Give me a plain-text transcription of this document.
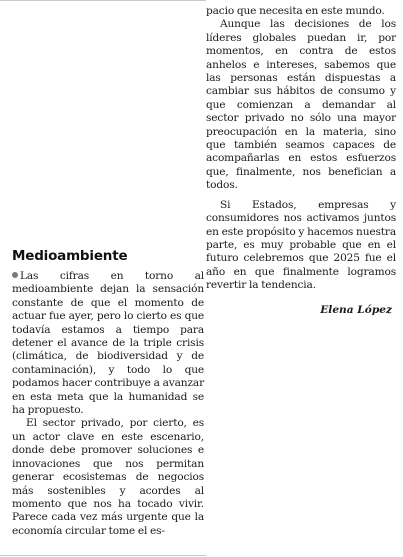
Medioambiente

Las cifras en torno al medioambiente dejan la sensación constante de que el momento de actuar fue ayer, pero lo cierto es que todavía estamos a tiempo para detener el avance de la triple crisis (climática, de biodiversidad y de contaminación), y todo lo que podamos hacer contribuye a avanzar en esta meta que la humanidad se ha propuesto.

El sector privado, por cierto, es un actor clave en este escenario, donde debe promover soluciones e innovaciones que nos permitan generar ecosistemas de negocios más sostenibles y acordes al momento que nos ha tocado vivir. Parece cada vez más urgente que la economía circular tome el es-

pacio que necesita en este mundo.

Aunque las decisiones de los líderes globales puedan ir, por momentos, en contra de estos anhelos e intereses, sabemos que las personas están dispuestas a cambiar sus hábitos de consumo y que comienzan a demandar al sector privado no sólo una mayor preocupación en la materia, sino que también seamos capaces de acompañarlas en estos esfuerzos que, finalmente, nos benefician a todos.

Si Estados, empresas y consumidores nos activamos juntos en este propósito y hacemos nuestra parte, es muy probable que en el futuro celebremos que 2025 fue el año en que finalmente logramos revertir la tendencia.

Elena López
